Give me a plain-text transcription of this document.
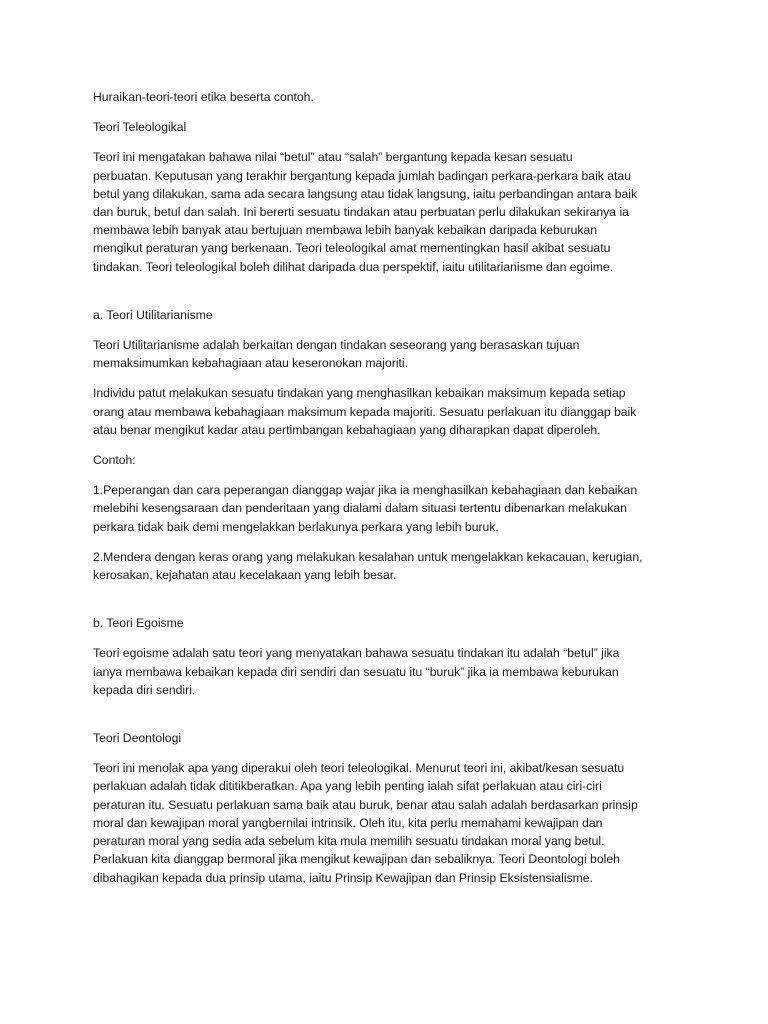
Huraikan-teori-teori etika beserta contoh.

Teori Teleologikal

Teori ini mengatakan bahawa nilai “betul” atau “salah” bergantung kepada kesan sesuatu
perbuatan. Keputusan yang terakhir bergantung kepada jumlah badingan perkara-perkara baik atau
betul yang dilakukan, sama ada secara langsung atau tidak langsung, iaitu perbandingan antara baik
dan buruk, betul dan salah. Ini bererti sesuatu tindakan atau perbuatan perlu dilakukan sekiranya ia
membawa lebih banyak atau bertujuan membawa lebih banyak kebaikan daripada keburukan
mengikut peraturan yang berkenaan. Teori teleologikal amat mementingkan hasil akibat sesuatu
tindakan. Teori teleologikal boleh dilihat daripada dua perspektif, iaitu utilitarianisme dan egoime.

a. Teori Utilitarianisme

Teori Utilitarianisme adalah berkaitan dengan tindakan seseorang yang berasaskan tujuan
memaksimumkan kebahagiaan atau keseronokan majoriti.

Individu patut melakukan sesuatu tindakan yang menghasilkan kebaikan maksimum kepada setiap
orang atau membawa kebahagiaan maksimum kepada majoriti. Sesuatu perlakuan itu dianggap baik
atau benar mengikut kadar atau pertimbangan kebahagiaan yang diharapkan dapat diperoleh.

Contoh:

1.Peperangan dan cara peperangan dianggap wajar jika ia menghasilkan kebahagiaan dan kebaikan
melebihi kesengsaraan dan penderitaan yang dialami dalam situasi tertentu dibenarkan melakukan
perkara tidak baik demi mengelakkan berlakunya perkara yang lebih buruk.

2.Mendera dengan keras orang yang melakukan kesalahan untuk mengelakkan kekacauan, kerugian,
kerosakan, kejahatan atau kecelakaan yang lebih besar.

b. Teori Egoisme

Teori egoisme adalah satu teori yang menyatakan bahawa sesuatu tindakan itu adalah “betul” jika
ianya membawa kebaikan kepada diri sendiri dan sesuatu itu “buruk” jika ia membawa keburukan
kepada diri sendiri.

Teori Deontologi

Teori ini menolak apa yang diperakui oleh teori teleologikal. Menurut teori ini, akibat/kesan sesuatu
perlakuan adalah tidak dititikberatkan. Apa yang lebih penting ialah sifat perlakuan atau ciri-ciri
peraturan itu. Sesuatu perlakuan sama baik atau buruk, benar atau salah adalah berdasarkan prinsip
moral dan kewajipan moral yangbernilai intrinsik. Oleh itu, kita perlu memahami kewajipan dan
peraturan moral yang sedia ada sebelum kita mula memilih sesuatu tindakan moral yang betul.
Perlakuan kita dianggap bermoral jika mengikut kewajipan dan sebaliknya. Teori Deontologi boleh
dibahagikan kepada dua prinsip utama, iaitu Prinsip Kewajipan dan Prinsip Eksistensialisme.
